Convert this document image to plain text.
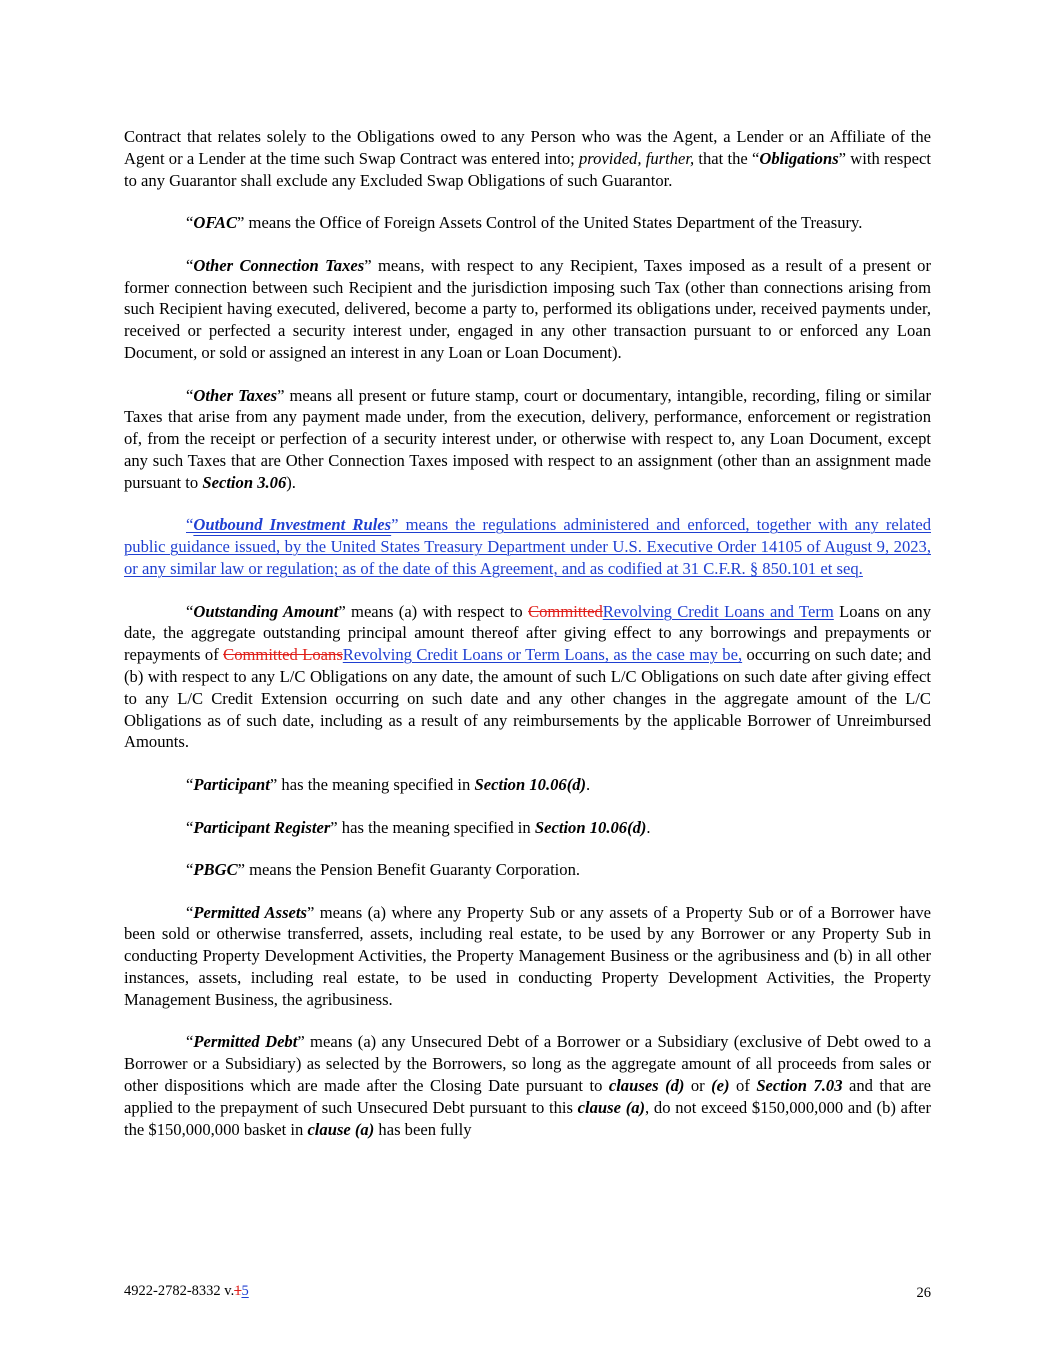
Contract that relates solely to the Obligations owed to any Person who was the Agent, a Lender or an Affiliate of the Agent or a Lender at the time such Swap Contract was entered into; provided, further, that the “Obligations” with respect to any Guarantor shall exclude any Excluded Swap Obligations of such Guarantor.

“OFAC” means the Office of Foreign Assets Control of the United States Department of the Treasury.

“Other Connection Taxes” means, with respect to any Recipient, Taxes imposed as a result of a present or former connection between such Recipient and the jurisdiction imposing such Tax (other than connections arising from such Recipient having executed, delivered, become a party to, performed its obligations under, received payments under, received or perfected a security interest under, engaged in any other transaction pursuant to or enforced any Loan Document, or sold or assigned an interest in any Loan or Loan Document).

“Other Taxes” means all present or future stamp, court or documentary, intangible, recording, filing or similar Taxes that arise from any payment made under, from the execution, delivery, performance, enforcement or registration of, from the receipt or perfection of a security interest under, or otherwise with respect to, any Loan Document, except any such Taxes that are Other Connection Taxes imposed with respect to an assignment (other than an assignment made pursuant to Section 3.06).

“Outbound Investment Rules” means the regulations administered and enforced, together with any related public guidance issued, by the United States Treasury Department under U.S. Executive Order 14105 of August 9, 2023, or any similar law or regulation; as of the date of this Agreement, and as codified at 31 C.F.R. § 850.101 et seq.

“Outstanding Amount” means (a) with respect to CommittedRevolving Credit Loans and Term Loans on any date, the aggregate outstanding principal amount thereof after giving effect to any borrowings and prepayments or repayments of Committed LoansRevolving Credit Loans or Term Loans, as the case may be, occurring on such date; and (b) with respect to any L/C Obligations on any date, the amount of such L/C Obligations on such date after giving effect to any L/C Credit Extension occurring on such date and any other changes in the aggregate amount of the L/C Obligations as of such date, including as a result of any reimbursements by the applicable Borrower of Unreimbursed Amounts.

“Participant” has the meaning specified in Section 10.06(d).

“Participant Register” has the meaning specified in Section 10.06(d).

“PBGC” means the Pension Benefit Guaranty Corporation.

“Permitted Assets” means (a) where any Property Sub or any assets of a Property Sub or of a Borrower have been sold or otherwise transferred, assets, including real estate, to be used by any Borrower or any Property Sub in conducting Property Development Activities, the Property Management Business or the agribusiness and (b) in all other instances, assets, including real estate, to be used in conducting Property Development Activities, the Property Management Business, the agribusiness.

“Permitted Debt” means (a) any Unsecured Debt of a Borrower or a Subsidiary (exclusive of Debt owed to a Borrower or a Subsidiary) as selected by the Borrowers, so long as the aggregate amount of all proceeds from sales or other dispositions which are made after the Closing Date pursuant to clauses (d) or (e) of Section 7.03 and that are applied to the prepayment of such Unsecured Debt pursuant to this clause (a), do not exceed $150,000,000 and (b) after the $150,000,000 basket in clause (a) has been fully

4922-2782-8332 v.15	26
